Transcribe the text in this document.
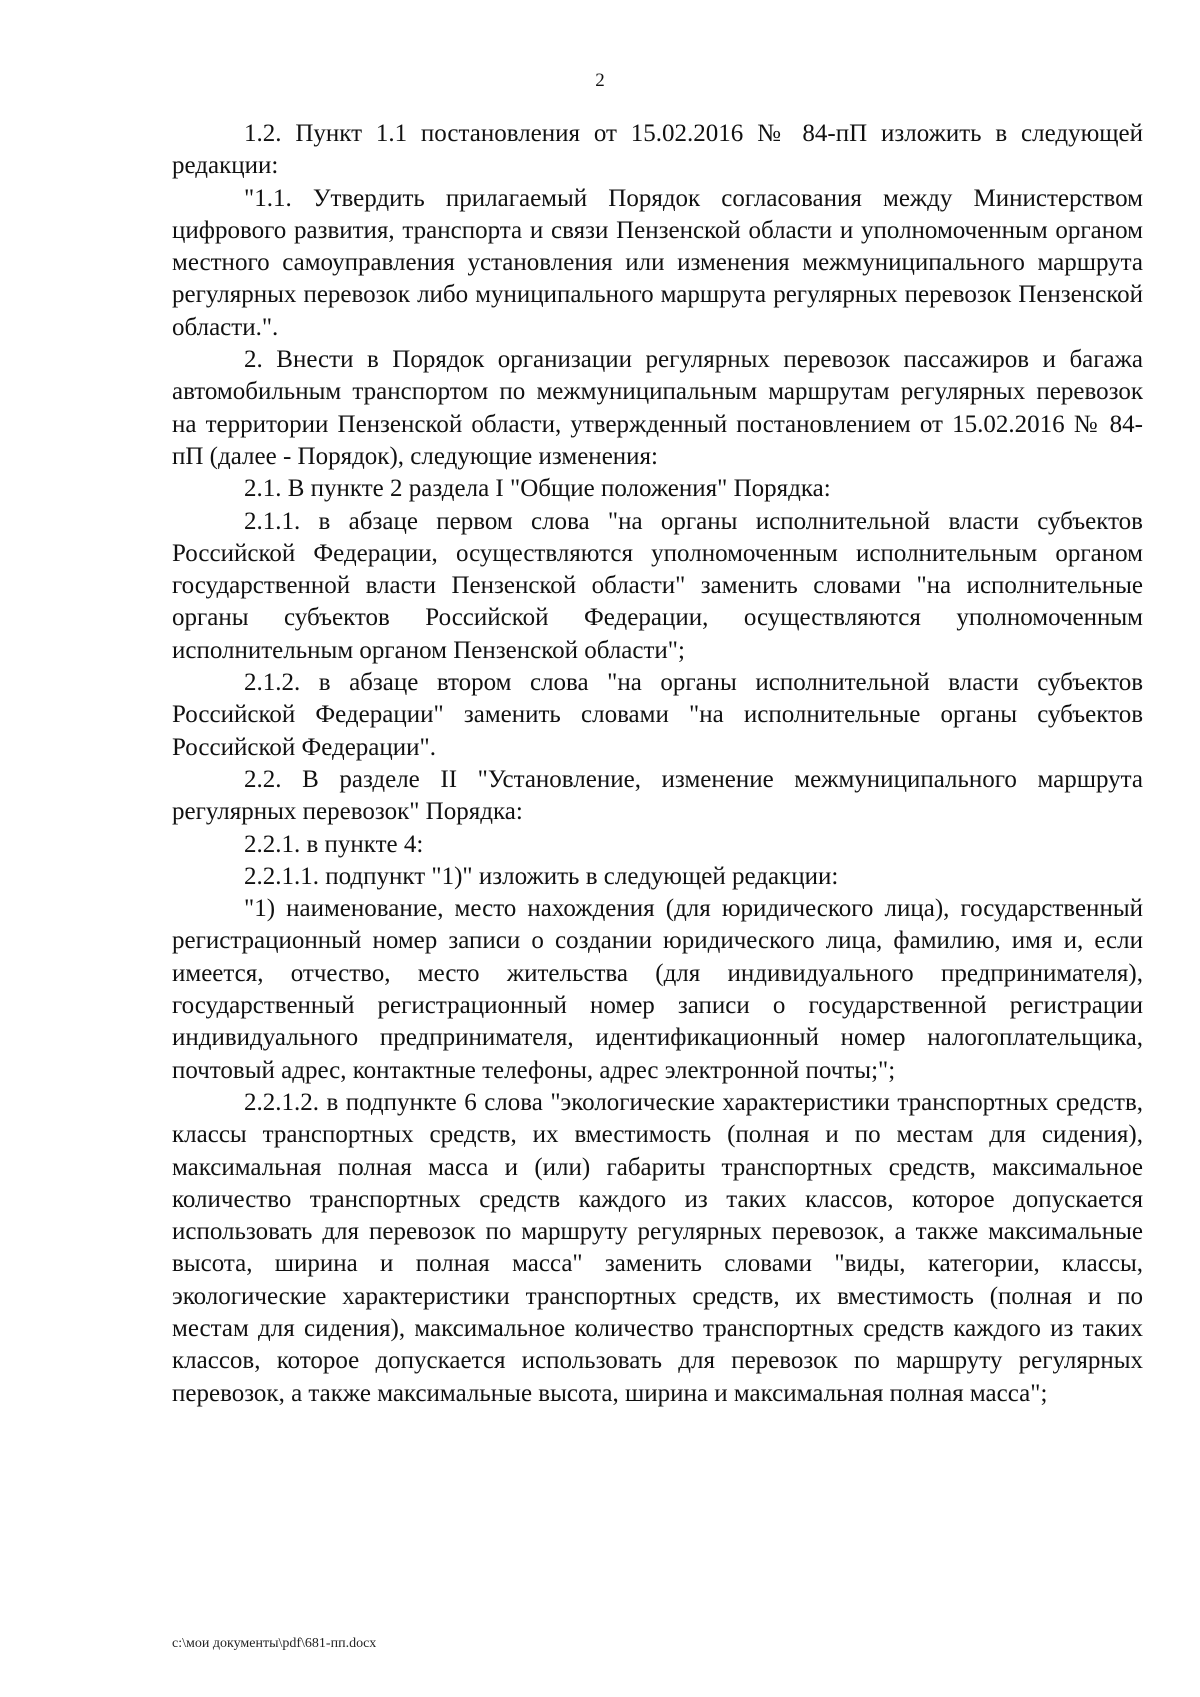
2

1.2. Пункт 1.1 постановления от 15.02.2016 № 84-пП изложить в следующей редакции:

"1.1. Утвердить прилагаемый Порядок согласования между Министерством цифрового развития, транспорта и связи Пензенской области и уполномоченным органом местного самоуправления установления или изменения межмуниципального маршрута регулярных перевозок либо муниципального маршрута регулярных перевозок Пензенской области.".

2. Внести в Порядок организации регулярных перевозок пассажиров и багажа автомобильным транспортом по межмуниципальным маршрутам регулярных перевозок на территории Пензенской области, утвержденный постановлением от 15.02.2016 № 84-пП (далее - Порядок), следующие изменения:

2.1. В пункте 2 раздела I "Общие положения" Порядка:

2.1.1. в абзаце первом слова "на органы исполнительной власти субъектов Российской Федерации, осуществляются уполномоченным исполнительным органом государственной власти Пензенской области" заменить словами "на исполнительные органы субъектов Российской Федерации, осуществляются уполномоченным исполнительным органом Пензенской области";

2.1.2. в абзаце втором слова "на органы исполнительной власти субъектов Российской Федерации" заменить словами "на исполнительные органы субъектов Российской Федерации".

2.2. В разделе II "Установление, изменение межмуниципального маршрута регулярных перевозок" Порядка:

2.2.1. в пункте 4:

2.2.1.1. подпункт "1)" изложить в следующей редакции:

"1) наименование, место нахождения (для юридического лица), государственный регистрационный номер записи о создании юридического лица, фамилию, имя и, если имеется, отчество, место жительства (для индивидуального предпринимателя), государственный регистрационный номер записи о государственной регистрации индивидуального предпринимателя, идентификационный номер налогоплательщика, почтовый адрес, контактные телефоны, адрес электронной почты;";

2.2.1.2. в подпункте 6 слова "экологические характеристики транспортных средств, классы транспортных средств, их вместимость (полная и по местам для сидения), максимальная полная масса и (или) габариты транспортных средств, максимальное количество транспортных средств каждого из таких классов, которое допускается использовать для перевозок по маршруту регулярных перевозок, а также максимальные высота, ширина и полная масса" заменить словами "виды, категории, классы, экологические характеристики транспортных средств, их вместимость (полная и по местам для сидения), максимальное количество транспортных средств каждого из таких классов, которое допускается использовать для перевозок по маршруту регулярных перевозок, а также максимальные высота, ширина и максимальная полная масса";

c:\мои документы\pdf\681-пп.docx
